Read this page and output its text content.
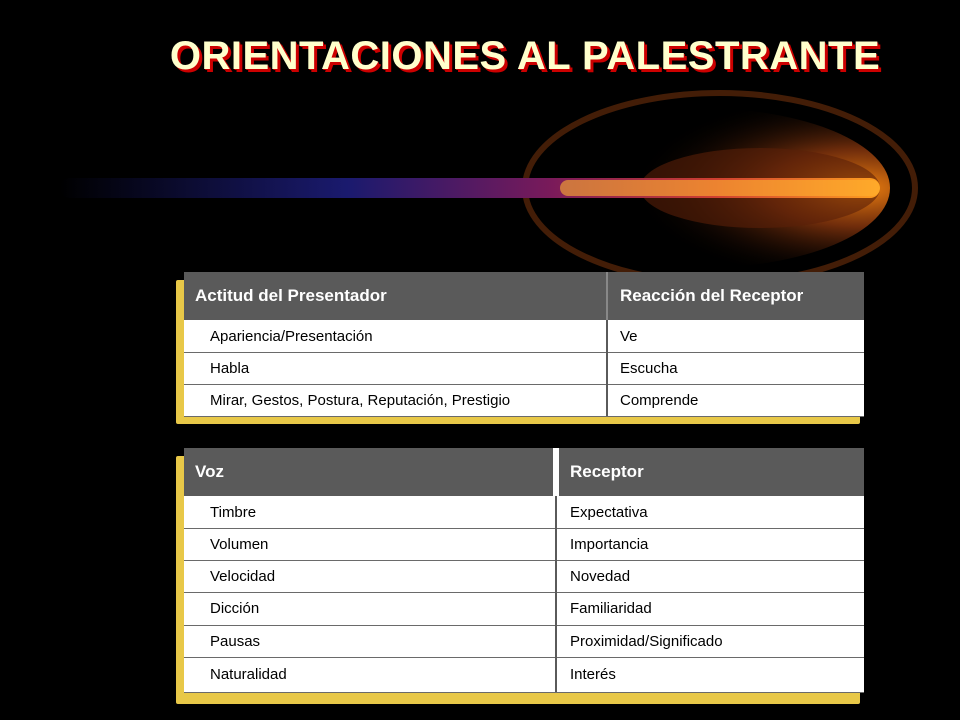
ORIENTACIONES AL PALESTRANTE
Actitud del Presentador	Reacción del Receptor
Apariencia/Presentación	Ve
Habla	Escucha
Mirar, Gestos, Postura, Reputación, Prestigio	Comprende
Voz	Receptor
Timbre	Expectativa
Volumen	Importancia
Velocidad	Novedad
Dicción	Familiaridad
Pausas	Proximidad/Significado
Naturalidad	Interés
